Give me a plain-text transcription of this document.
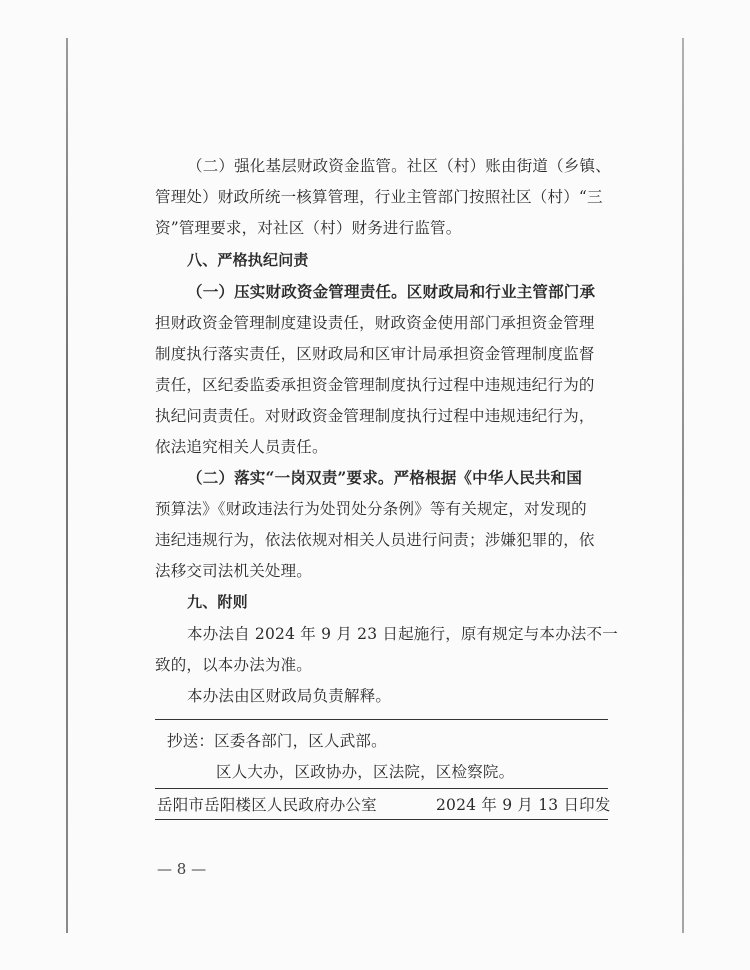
（二）强化基层财政资金监管。社区（村）账由街道（乡镇、
管理处）财政所统一核算管理，行业主管部门按照社区（村）“三
资”管理要求，对社区（村）财务进行监管。
八、严格执纪问责
（一）压实财政资金管理责任。区财政局和行业主管部门承
担财政资金管理制度建设责任，财政资金使用部门承担资金管理
制度执行落实责任，区财政局和区审计局承担资金管理制度监督
责任，区纪委监委承担资金管理制度执行过程中违规违纪行为的
执纪问责责任。对财政资金管理制度执行过程中违规违纪行为，
依法追究相关人员责任。
（二）落实“一岗双责”要求。严格根据《中华人民共和国
预算法》《财政违法行为处罚处分条例》等有关规定，对发现的
违纪违规行为，依法依规对相关人员进行问责；涉嫌犯罪的，依
法移交司法机关处理。
九、附则
本办法自 2024 年 9 月 23 日起施行，原有规定与本办法不一
致的，以本办法为准。
本办法由区财政局负责解释。
抄送：区委各部门，区人武部。
区人大办，区政协办，区法院，区检察院。
岳阳市岳阳楼区人民政府办公室	2024 年 9 月 13 日印发
— 8 —
